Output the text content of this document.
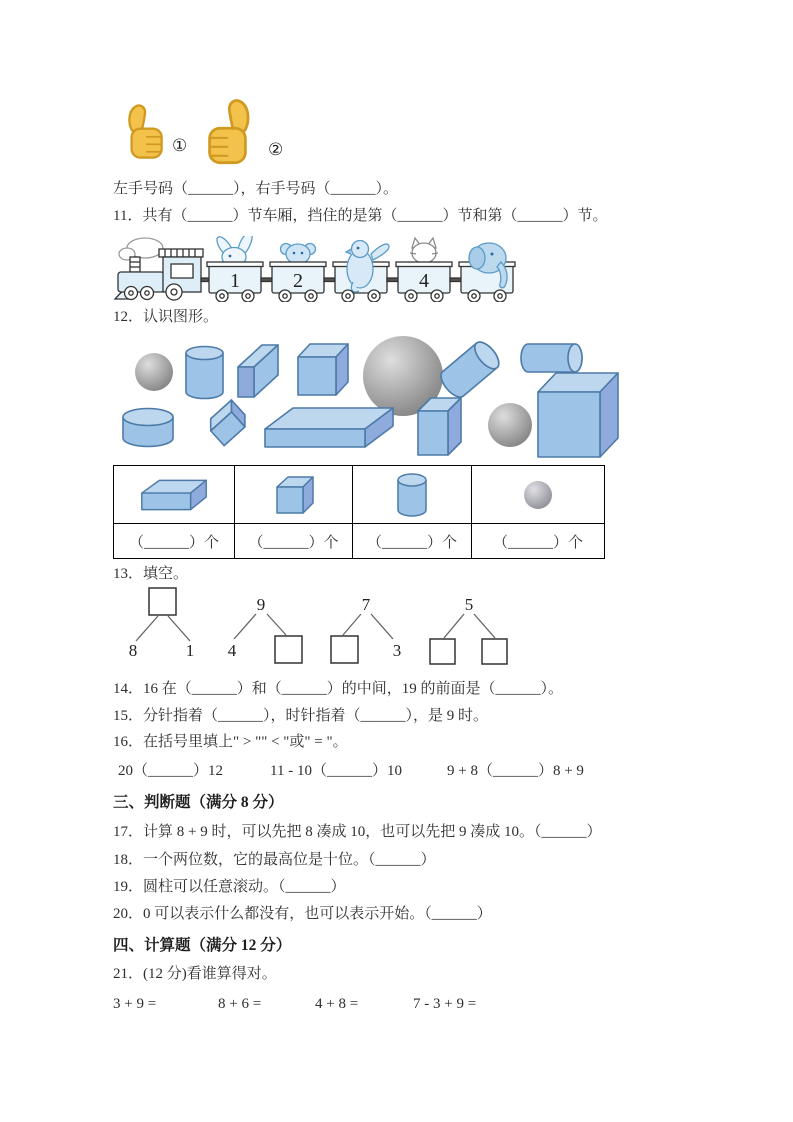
①	②
左手号码（______），右手号码（______）。
11．共有（______）节车厢，挡住的是第（______）节和第（______）节。
1	2	4
12．认识图形。

（______）个	（______）个	（______）个	（______）个
13．填空。
8	1
9
4
7
3
5
14．16 在（______）和（______）的中间，19 的前面是（______）。
15．分针指着（______），时针指着（______），是 9 时。
16．在括号里填上" > "" < "或" = "。
20（______）12	11 - 10（______）10	9 + 8（______）8 + 9
三、判断题（满分 8 分）
17．计算 8 + 9 时，可以先把 8 凑成 10，也可以先把 9 凑成 10。（______）
18．一个两位数，它的最高位是十位。（______）
19．圆柱可以任意滚动。（______）
20．0 可以表示什么都没有，也可以表示开始。（______）
四、计算题（满分 12 分）
21．(12 分)看谁算得对。
3 + 9 =	8 + 6 =	4 + 8 =	7 - 3 + 9 =
